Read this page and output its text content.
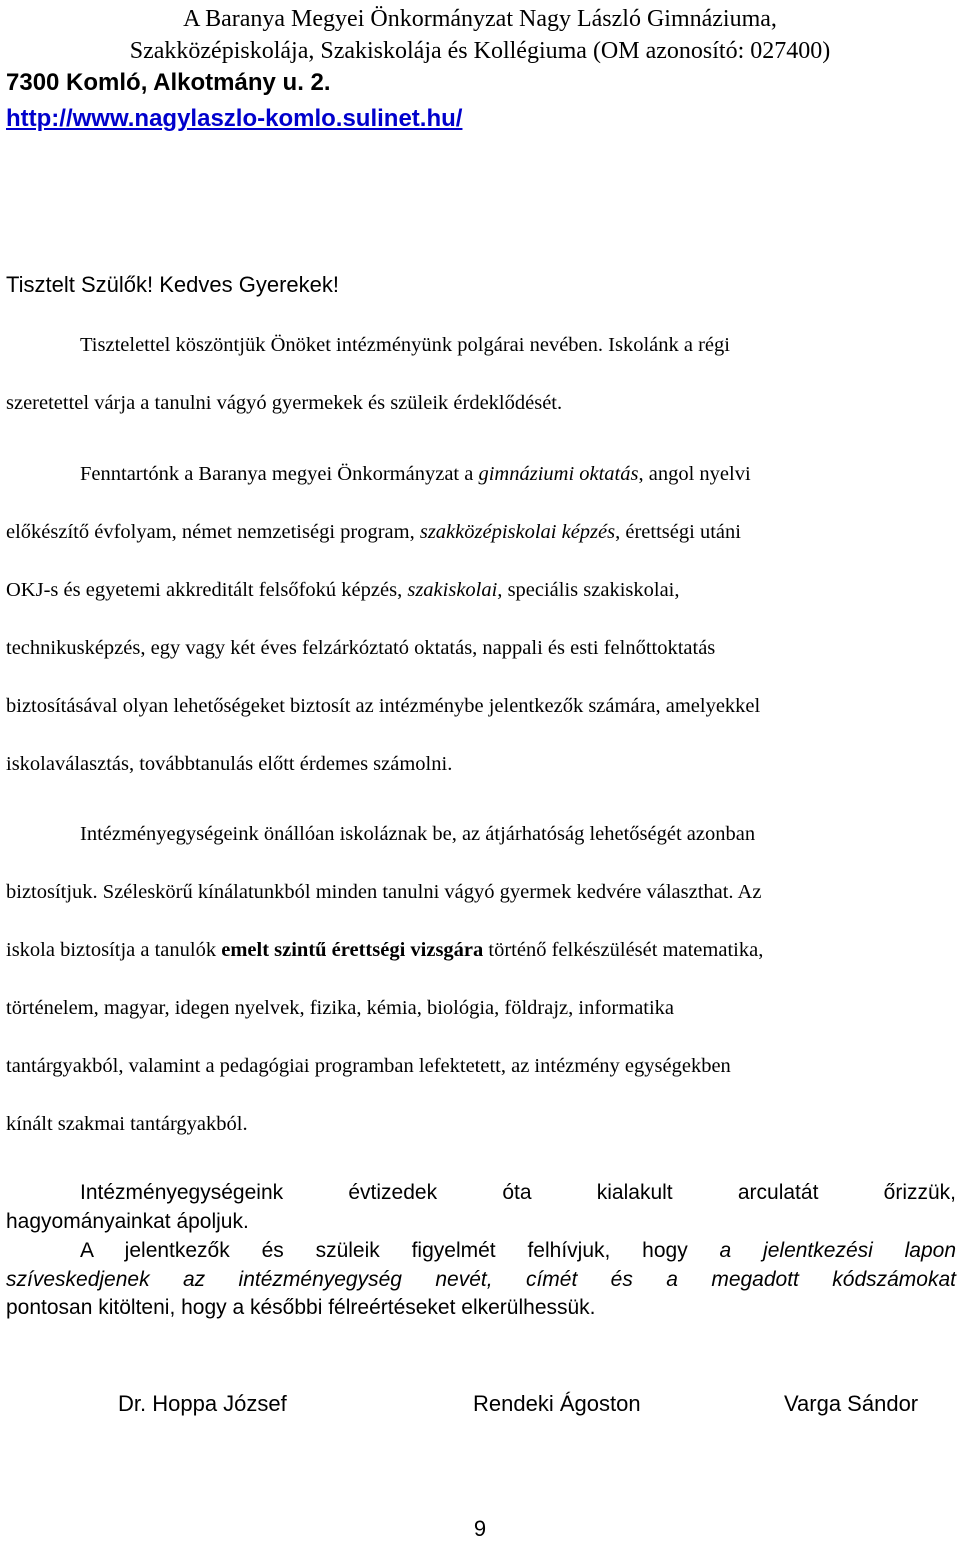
A Baranya Megyei Önkormányzat Nagy László Gimnáziuma,
Szakközépiskolája, Szakiskolája és Kollégiuma (OM azonosító: 027400)
7300 Komló, Alkotmány u. 2.
http://www.nagylaszlo-komlo.sulinet.hu/
Tisztelt Szülők! Kedves Gyerekek!
Tisztelettel köszöntjük Önöket intézményünk polgárai nevében. Iskolánk a régi
szeretettel várja a tanulni vágyó gyermekek és szüleik érdeklődését.
Fenntartónk a Baranya megyei Önkormányzat a gimnáziumi oktatás, angol nyelvi
előkészítő évfolyam, német nemzetiségi program, szakközépiskolai képzés, érettségi utáni
OKJ-s és egyetemi akkreditált felsőfokú képzés, szakiskolai, speciális szakiskolai,
technikusképzés, egy vagy két éves felzárkóztató oktatás, nappali és esti felnőttoktatás
biztosításával olyan lehetőségeket biztosít az intézménybe jelentkezők számára, amelyekkel
iskolaválasztás, továbbtanulás előtt érdemes számolni.
Intézményegységeink önállóan iskoláznak be, az átjárhatóság lehetőségét azonban
biztosítjuk. Széleskörű kínálatunkból minden tanulni vágyó gyermek kedvére választhat. Az
iskola biztosítja a tanulók emelt szintű érettségi vizsgára történő felkészülését matematika,
történelem, magyar, idegen nyelvek, fizika, kémia, biológia, földrajz, informatika
tantárgyakból, valamint a pedagógiai programban lefektetett, az intézmény egységekben
kínált szakmai tantárgyakból.
Intézményegységeink évtizedek óta kialakult arculatát őrizzük,
hagyományainkat ápoljuk.
A jelentkezők és szüleik figyelmét felhívjuk, hogy a jelentkezési lapon
szíveskedjenek az intézményegység nevét, címét és a megadott kódszámokat
pontosan kitölteni, hogy a későbbi félreértéseket elkerülhessük.
Dr. Hoppa József	Rendeki Ágoston	Varga Sándor
9
